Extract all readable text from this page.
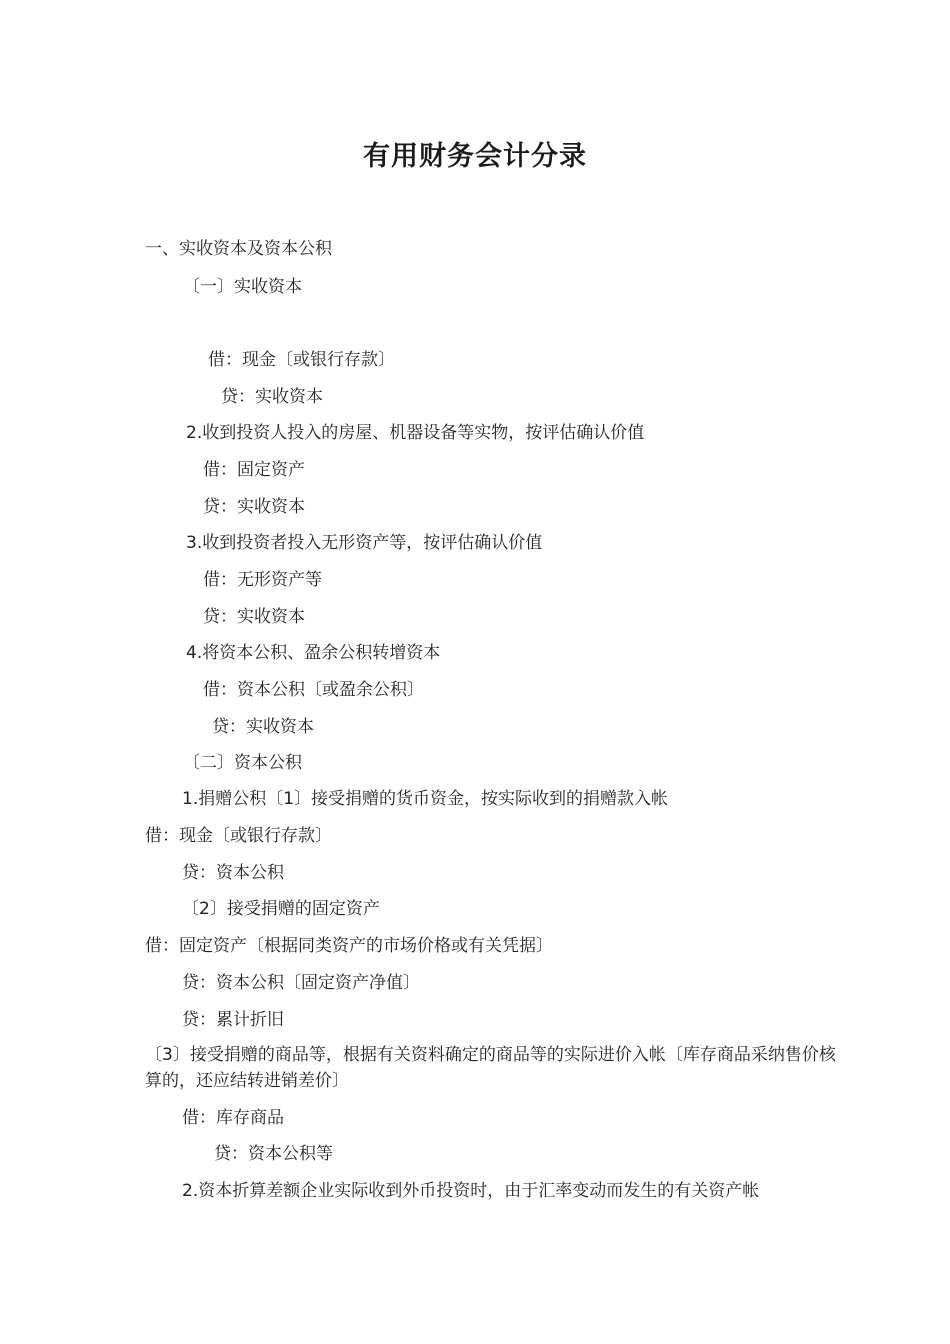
有用财务会计分录
一、实收资本及资本公积
〔一〕实收资本
借：现金〔或银行存款〕
贷：实收资本
2.收到投资人投入的房屋、机器设备等实物，按评估确认价值
借：固定资产
贷：实收资本
3.收到投资者投入无形资产等，按评估确认价值
借：无形资产等
贷：实收资本
4.将资本公积、盈余公积转增资本
借：资本公积〔或盈余公积〕
贷：实收资本
〔二〕资本公积
1.捐赠公积〔1〕接受捐赠的货币资金，按实际收到的捐赠款入帐
借：现金〔或银行存款〕
贷：资本公积
〔2〕接受捐赠的固定资产
借：固定资产〔根据同类资产的市场价格或有关凭据〕
贷：资本公积〔固定资产净值〕
贷：累计折旧
〔3〕接受捐赠的商品等，根据有关资料确定的商品等的实际进价入帐〔库存商品采纳售价核算的，还应结转进销差价〕
借：库存商品
贷：资本公积等
2.资本折算差额企业实际收到外币投资时，由于汇率变动而发生的有关资产帐
